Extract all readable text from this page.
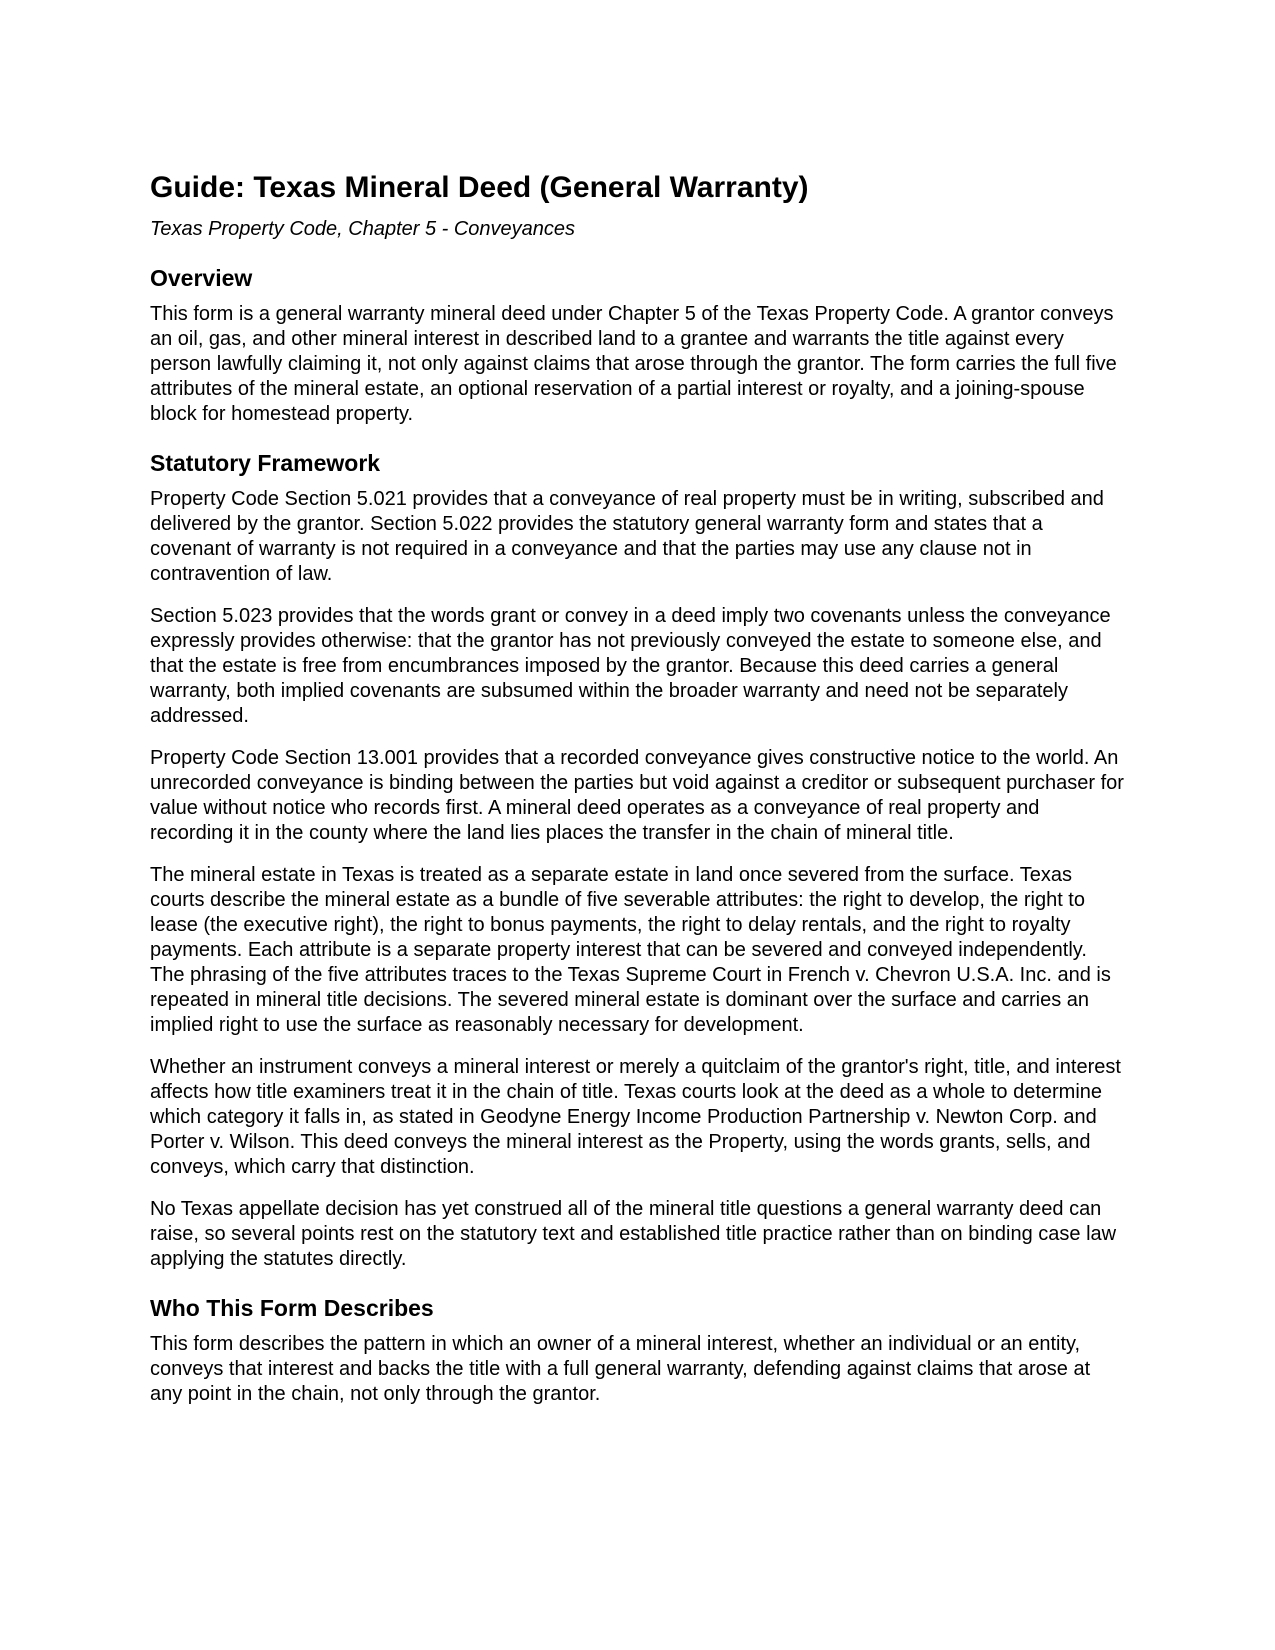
Guide: Texas Mineral Deed (General Warranty)

Texas Property Code, Chapter 5 - Conveyances

Overview

This form is a general warranty mineral deed under Chapter 5 of the Texas Property Code. A grantor conveys an oil, gas, and other mineral interest in described land to a grantee and warrants the title against every person lawfully claiming it, not only against claims that arose through the grantor. The form carries the full five attributes of the mineral estate, an optional reservation of a partial interest or royalty, and a joining-spouse block for homestead property.

Statutory Framework

Property Code Section 5.021 provides that a conveyance of real property must be in writing, subscribed and delivered by the grantor. Section 5.022 provides the statutory general warranty form and states that a covenant of warranty is not required in a conveyance and that the parties may use any clause not in contravention of law.

Section 5.023 provides that the words grant or convey in a deed imply two covenants unless the conveyance expressly provides otherwise: that the grantor has not previously conveyed the estate to someone else, and that the estate is free from encumbrances imposed by the grantor. Because this deed carries a general warranty, both implied covenants are subsumed within the broader warranty and need not be separately addressed.

Property Code Section 13.001 provides that a recorded conveyance gives constructive notice to the world. An unrecorded conveyance is binding between the parties but void against a creditor or subsequent purchaser for value without notice who records first. A mineral deed operates as a conveyance of real property and recording it in the county where the land lies places the transfer in the chain of mineral title.

The mineral estate in Texas is treated as a separate estate in land once severed from the surface. Texas courts describe the mineral estate as a bundle of five severable attributes: the right to develop, the right to lease (the executive right), the right to bonus payments, the right to delay rentals, and the right to royalty payments. Each attribute is a separate property interest that can be severed and conveyed independently. The phrasing of the five attributes traces to the Texas Supreme Court in French v. Chevron U.S.A. Inc. and is repeated in mineral title decisions. The severed mineral estate is dominant over the surface and carries an implied right to use the surface as reasonably necessary for development.

Whether an instrument conveys a mineral interest or merely a quitclaim of the grantor's right, title, and interest affects how title examiners treat it in the chain of title. Texas courts look at the deed as a whole to determine which category it falls in, as stated in Geodyne Energy Income Production Partnership v. Newton Corp. and Porter v. Wilson. This deed conveys the mineral interest as the Property, using the words grants, sells, and conveys, which carry that distinction.

No Texas appellate decision has yet construed all of the mineral title questions a general warranty deed can raise, so several points rest on the statutory text and established title practice rather than on binding case law applying the statutes directly.

Who This Form Describes

This form describes the pattern in which an owner of a mineral interest, whether an individual or an entity, conveys that interest and backs the title with a full general warranty, defending against claims that arose at any point in the chain, not only through the grantor.
